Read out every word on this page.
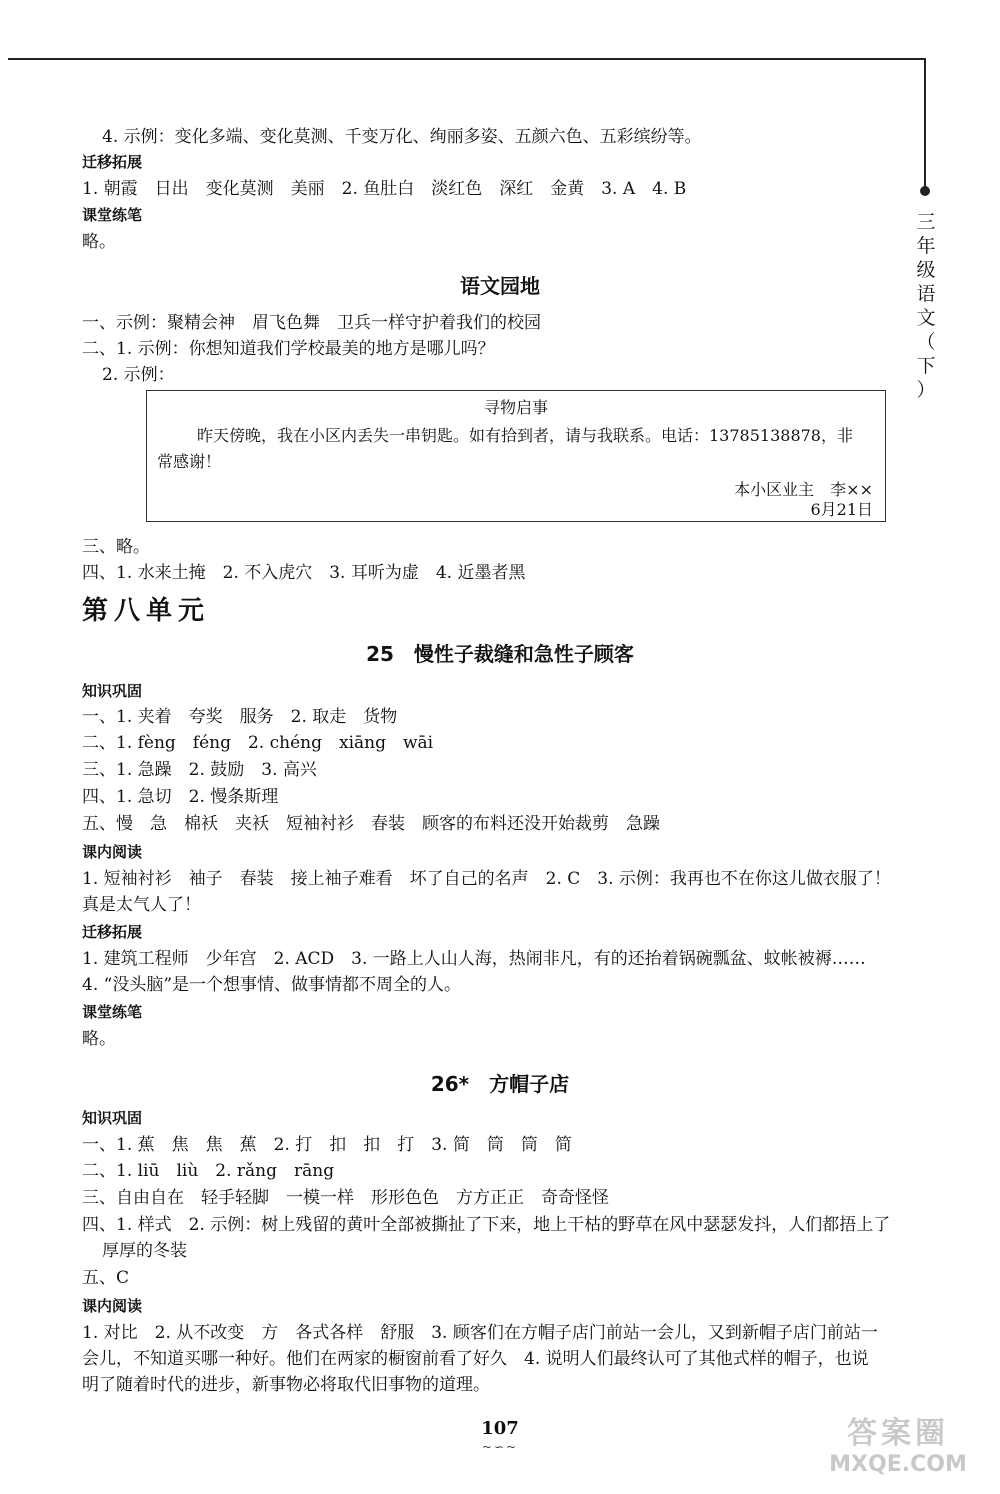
三
年
级
语
文
（
下
）
4. 示例：变化多端、变化莫测、千变万化、绚丽多姿、五颜六色、五彩缤纷等。
迁移拓展
1. 朝霞　日出　变化莫测　美丽　2. 鱼肚白　淡红色　深红　金黄　3. A　4. B
课堂练笔
略。
语文园地
一、示例：聚精会神　眉飞色舞　卫兵一样守护着我们的校园
二、1. 示例：你想知道我们学校最美的地方是哪儿吗？
2. 示例：
寻物启事
昨天傍晚，我在小区内丢失一串钥匙。如有拾到者，请与我联系。电话：13785138878，非
常感谢！
本小区业主　李××
6月21日
三、略。
四、1. 水来土掩　2. 不入虎穴　3. 耳听为虚　4. 近墨者黑
第八单元
25　慢性子裁缝和急性子顾客
知识巩固
一、1. 夹着　夸奖　服务　2. 取走　货物
二、1. fèng　féng　2. chéng　xiāng　wāi
三、1. 急躁　2. 鼓励　3. 高兴
四、1. 急切　2. 慢条斯理
五、慢　急　棉袄　夹袄　短袖衬衫　春装　顾客的布料还没开始裁剪　急躁
课内阅读
1. 短袖衬衫　袖子　春装　接上袖子难看　坏了自己的名声　2. C　3. 示例：我再也不在你这儿做衣服了！
真是太气人了！
迁移拓展
1. 建筑工程师　少年宫　2. ACD　3. 一路上人山人海，热闹非凡，有的还抬着锅碗瓢盆、蚊帐被褥……
4. “没头脑”是一个想事情、做事情都不周全的人。
课堂练笔
略。
26*　方帽子店
知识巩固
一、1. 蕉　焦　焦　蕉　2. 打　扣　扣　打　3. 简　筒　筒　简
二、1. liū　liù　2. rǎng　rāng
三、自由自在　轻手轻脚　一模一样　形形色色　方方正正　奇奇怪怪
四、1. 样式　2. 示例：树上残留的黄叶全部被撕扯了下来，地上干枯的野草在风中瑟瑟发抖，人们都捂上了
厚厚的冬装
五、C
课内阅读
1. 对比　2. 从不改变　方　各式各样　舒服　3. 顾客们在方帽子店门前站一会儿，又到新帽子店门前站一
会儿，不知道买哪一种好。他们在两家的橱窗前看了好久　4. 说明人们最终认可了其他式样的帽子，也说
明了随着时代的进步，新事物必将取代旧事物的道理。
107
~∽~	答案圈
MXQE.COM
